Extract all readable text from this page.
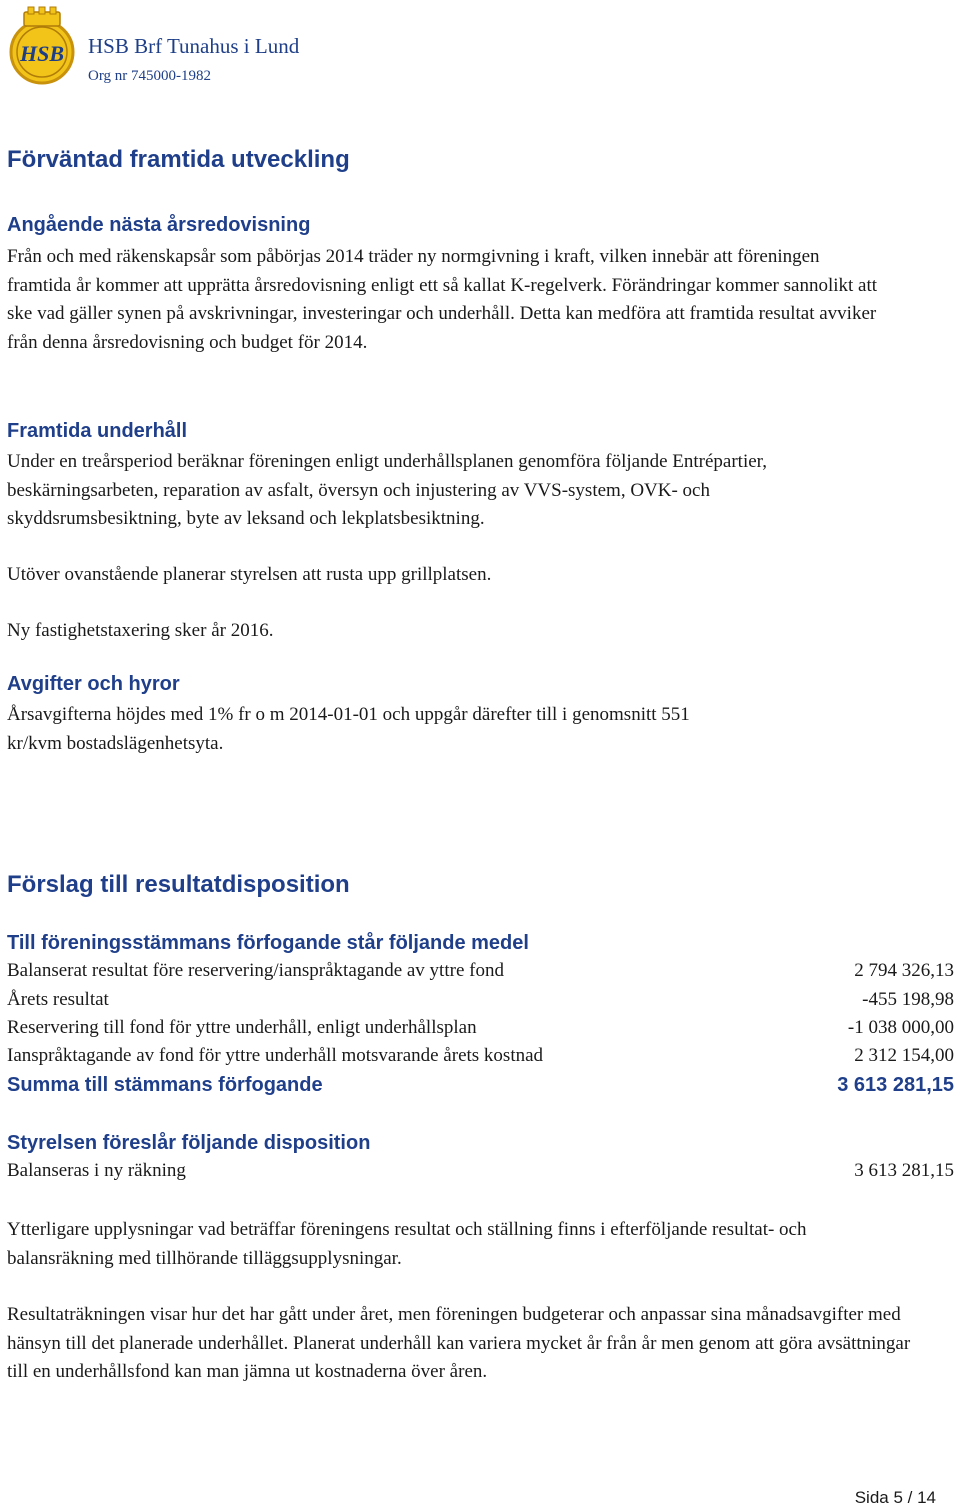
HSB HSB Brf Tunahus i Lund
Org nr 745000-1982
Förväntad framtida utveckling
Angående nästa årsredovisning

Från och med räkenskapsår som påbörjas 2014 träder ny normgivning i kraft, vilken innebär att föreningen framtida år kommer att upprätta årsredovisning enligt ett så kallat K-regelverk. Förändringar kommer sannolikt att ske vad gäller synen på avskrivningar, investeringar och underhåll. Detta kan medföra att framtida resultat avviker från denna årsredovisning och budget för 2014.

Framtida underhåll

Under en treårsperiod beräknar föreningen enligt underhållsplanen genomföra följande Entrépartier, beskärningsarbeten, reparation av asfalt, översyn och injustering av VVS-system, OVK- och skyddsrumsbesiktning, byte av leksand och lekplatsbesiktning.

Utöver ovanstående planerar styrelsen att rusta upp grillplatsen.

Ny fastighetstaxering sker år 2016.

Avgifter och hyror

Årsavgifterna höjdes med 1% fr o m 2014-01-01 och uppgår därefter till i genomsnitt 551 kr/kvm bostadslägenhetsyta.

Förslag till resultatdisposition
Till föreningsstämmans förfogande står följande medel
Balanserat resultat före reservering/ianspråktagande av yttre fond	2 794 326,13
Årets resultat	-455 198,98
Reservering till fond för yttre underhåll, enligt underhållsplan	-1 038 000,00
Ianspråktagande av fond för yttre underhåll motsvarande årets kostnad	2 312 154,00
Summa till stämmans förfogande	3 613 281,15
Styrelsen föreslår följande disposition
Balanseras i ny räkning	3 613 281,15

Ytterligare upplysningar vad beträffar föreningens resultat och ställning finns i efterföljande resultat- och balansräkning med tillhörande tilläggsupplysningar.

Resultaträkningen visar hur det har gått under året, men föreningen budgeterar och anpassar sina månadsavgifter med hänsyn till det planerade underhållet. Planerat underhåll kan variera mycket år från år men genom att göra avsättningar till en underhållsfond kan man jämna ut kostnaderna över åren.

Sida 5 / 14
